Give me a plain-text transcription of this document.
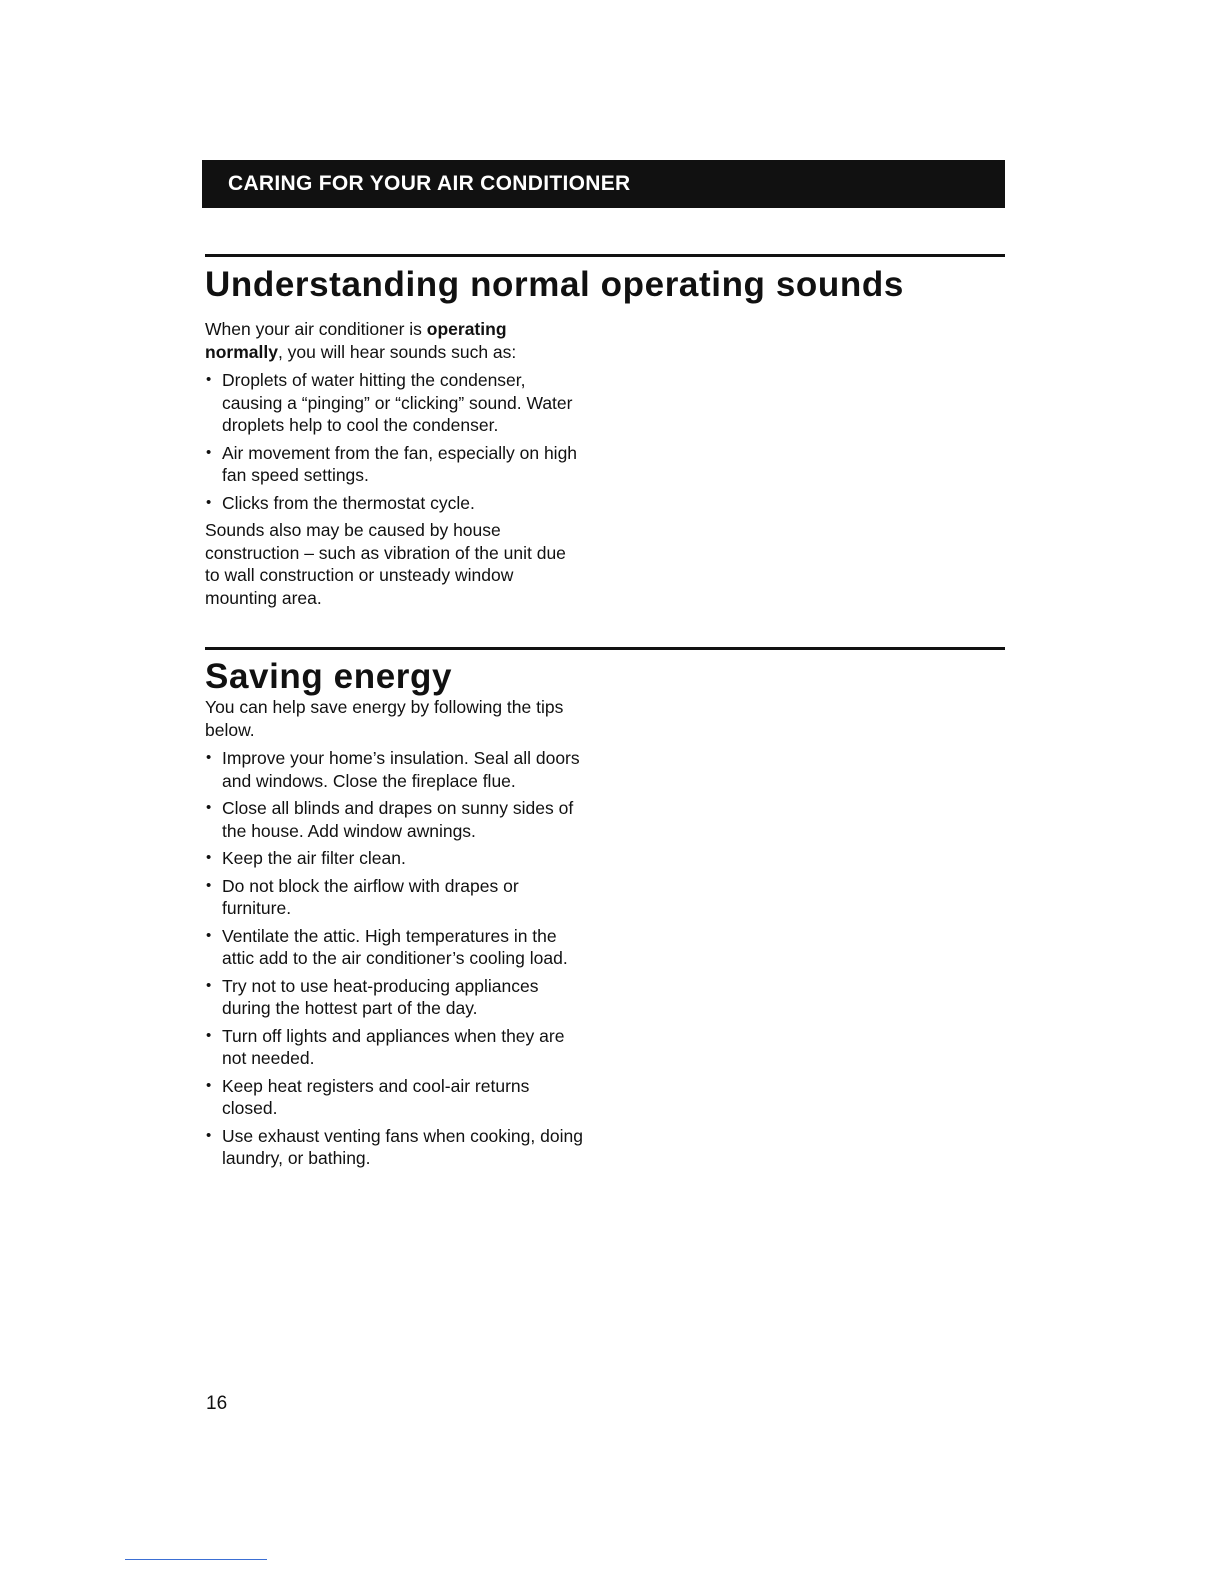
CARING FOR YOUR AIR CONDITIONER
Understanding normal operating sounds

When your air conditioner is operating normally, you will hear sounds such as:

• Droplets of water hitting the condenser, causing a “pinging” or “clicking” sound. Water droplets help to cool the condenser.
• Air movement from the fan, especially on high fan speed settings.
• Clicks from the thermostat cycle.

Sounds also may be caused by house construction – such as vibration of the unit due to wall construction or unsteady window mounting area.

Saving energy

You can help save energy by following the tips below.

• Improve your home’s insulation. Seal all doors and windows. Close the fireplace flue.
• Close all blinds and drapes on sunny sides of the house. Add window awnings.
• Keep the air filter clean.
• Do not block the airflow with drapes or furniture.
• Ventilate the attic. High temperatures in the attic add to the air conditioner’s cooling load.
• Try not to use heat-producing appliances during the hottest part of the day.
• Turn off lights and appliances when they are not needed.
• Keep heat registers and cool-air returns closed.
• Use exhaust venting fans when cooking, doing laundry, or bathing.
16
